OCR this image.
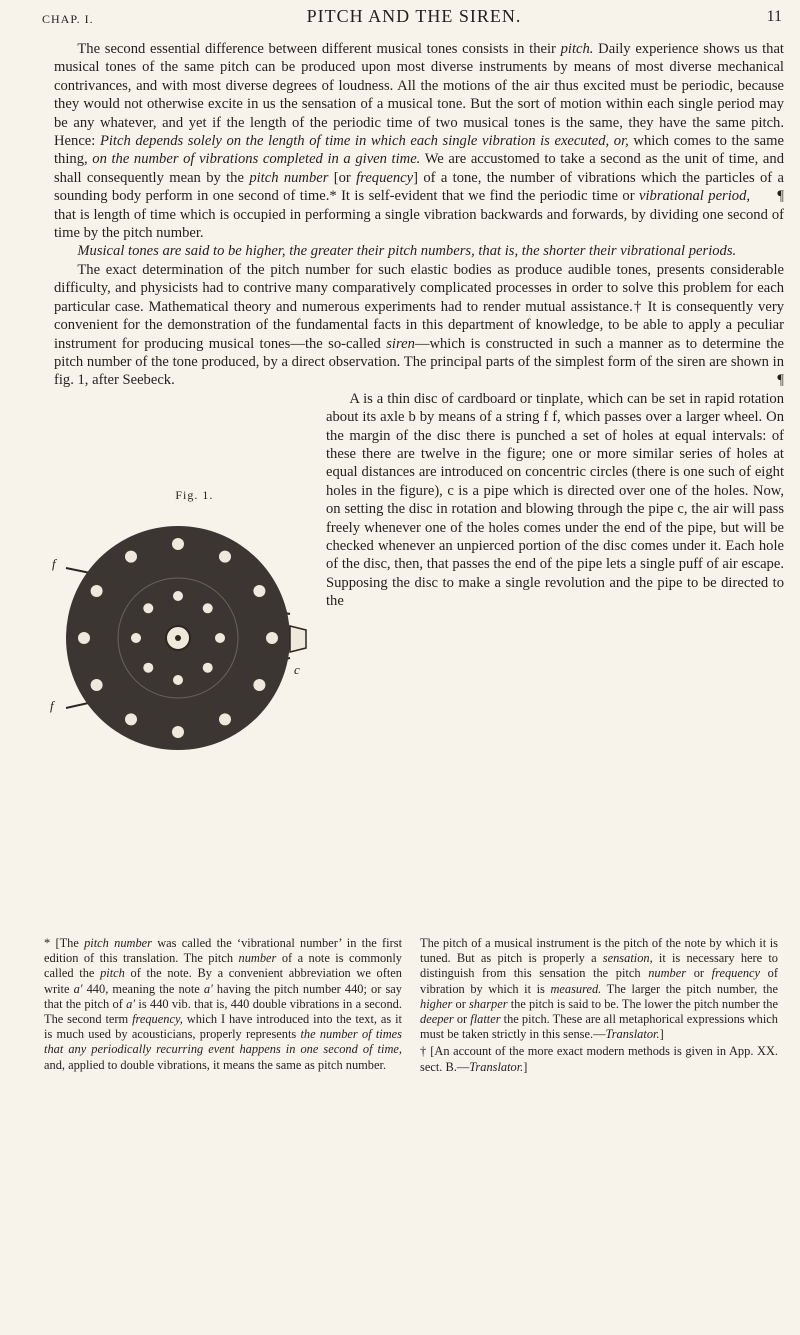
CHAP. I.	PITCH AND THE SIREN.	11

The second essential difference between different musical tones consists in their pitch. Daily experience shows us that musical tones of the same pitch can be produced upon most diverse instruments by means of most diverse mechanical contrivances, and with most diverse degrees of loudness. All the motions of the air thus excited must be periodic, because they would not otherwise excite in us the sensation of a musical tone. But the sort of motion within each single period may be any whatever, and yet if the length of the periodic time of two musical tones is the same, they have the same pitch. Hence: Pitch depends solely on the length of time in which each single vibration is executed, or, which comes to the same thing, on the number of vibrations completed in a given time. We are accustomed to take a second as the unit of time, and shall consequently mean by the pitch number [or frequency] of a tone, the number of vibrations which the particles of a sounding body perform in one second of time.* It is self-evident that we find the periodic time or vibrational period,	¶
that is length of time which is occupied in performing a single vibration backwards and forwards, by dividing one second of time by the pitch number.

Musical tones are said to be higher, the greater their pitch numbers, that is, the shorter their vibrational periods.

The exact determination of the pitch number for such elastic bodies as produce audible tones, presents considerable difficulty, and physicists had to contrive many comparatively complicated processes in order to solve this problem for each particular case. Mathematical theory and numerous experiments had to render mutual assistance.† It is consequently very convenient for the demonstration of the fundamental facts in this department of knowledge, to be able to apply a peculiar instrument for producing musical tones—the so-called siren—which is constructed in such a manner as to determine the pitch number of the tone produced, by a direct observation. The principal parts of the simplest form of the siren are shown in fig. 1, after Seebeck.	¶

Fig. 1.
f
f
c
A is a thin disc of cardboard or tinplate, which can be set in rapid rotation about its axle b by means of a string f f, which passes over a larger wheel. On the margin of the disc there is punched a set of holes at equal intervals: of these there are twelve in the figure; one or more similar series of holes at equal distances are introduced on concentric circles (there is one such of eight holes in the figure), c is a pipe which is directed over one of the holes. Now, on setting the disc in rotation and blowing through the pipe c, the air will pass freely whenever one of the holes comes under the end of the pipe, but will be checked whenever an unpierced portion of the disc comes under it. Each hole of the disc, then, that passes the end of the pipe lets a single puff of air escape. Supposing the disc to make a single revolution and the pipe to be directed to the

* [The pitch number was called the ‘vibrational number’ in the first edition of this translation. The pitch number of a note is commonly called the pitch of the note. By a convenient abbreviation we often write a′ 440, meaning the note a′ having the pitch number 440; or say that the pitch of a′ is 440 vib. that is, 440 double vibrations in a second. The second term frequency, which I have introduced into the text, as it is much used by acousticians, properly represents the number of times that any periodically recurring event happens in one second of time, and, applied to double vibrations, it means the same as pitch number.

The pitch of a musical instrument is the pitch of the note by which it is tuned. But as pitch is properly a sensation, it is necessary here to distinguish from this sensation the pitch number or frequency of vibration by which it is measured. The larger the pitch number, the higher or sharper the pitch is said to be. The lower the pitch number the deeper or flatter the pitch. These are all metaphorical expressions which must be taken strictly in this sense.—Translator.]

† [An account of the more exact modern methods is given in App. XX. sect. B.—Translator.]
